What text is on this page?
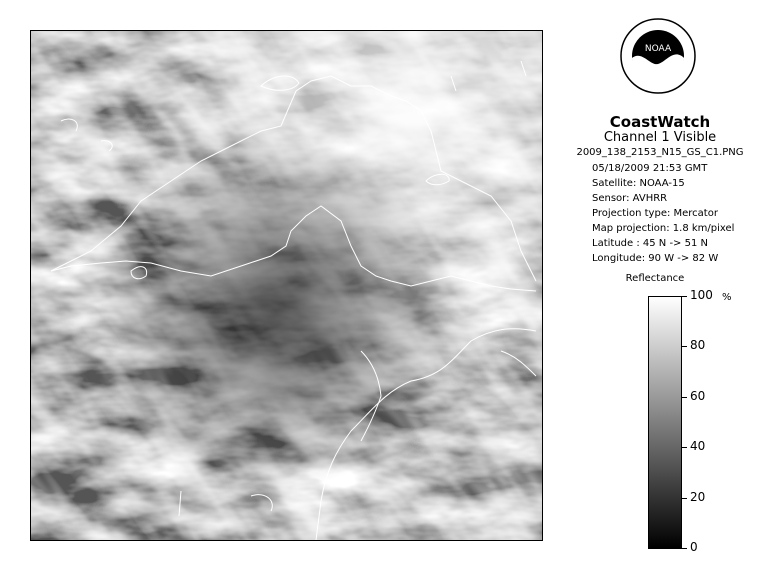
NOAA
CoastWatch
Channel 1 Visible
2009_138_2153_N15_GS_C1.PNG
05/18/2009 21:53 GMT
Satellite: NOAA-15
Sensor: AVHRR
Projection type: Mercator
Map projection: 1.8 km/pixel
Latitude : 45 N -> 51 N
Longitude: 90 W -> 82 W
Reflectance
%
100
80
60
40
20
0
